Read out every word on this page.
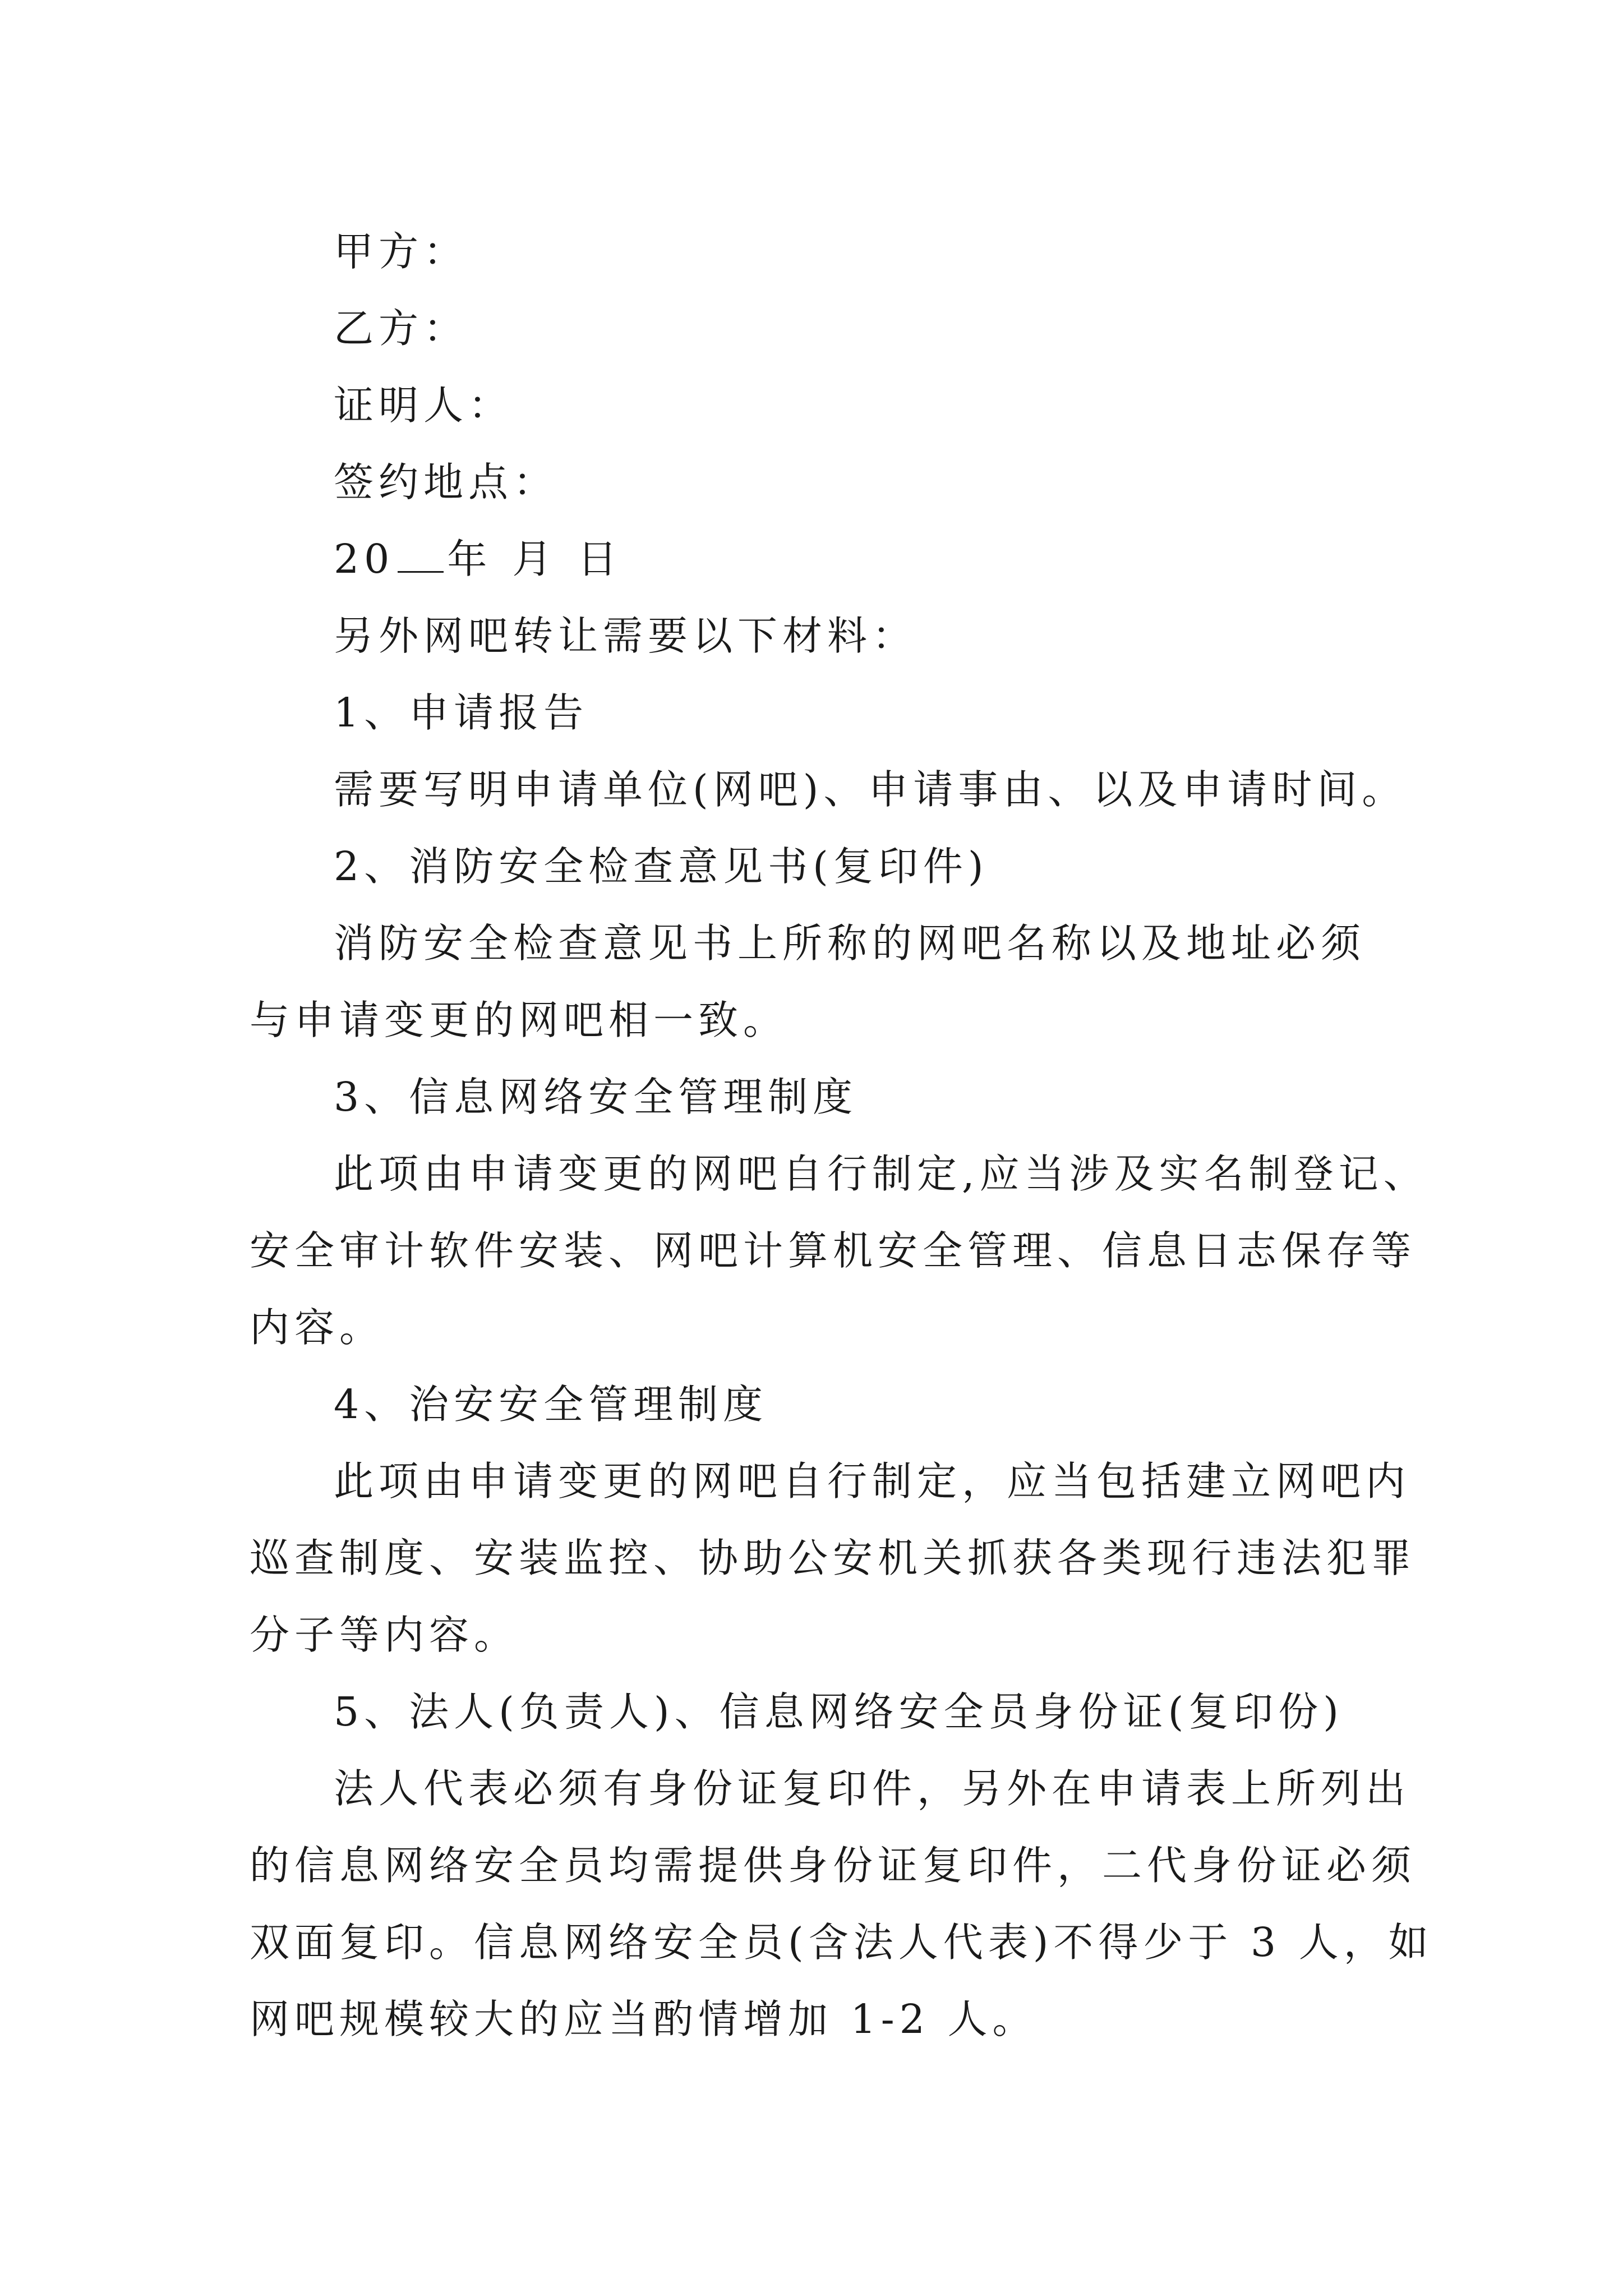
甲方：
乙方：
证明人：
签约地点：
20 年 月 日
另外网吧转让需要以下材料：
1、申请报告
需要写明申请单位(网吧)、申请事由、以及申请时间。
2、消防安全检查意见书(复印件)
消防安全检查意见书上所称的网吧名称以及地址必须
与申请变更的网吧相一致。
3、信息网络安全管理制度
此项由申请变更的网吧自行制定,应当涉及实名制登记、
安全审计软件安装、网吧计算机安全管理、信息日志保存等
内容。
4、治安安全管理制度
此项由申请变更的网吧自行制定，应当包括建立网吧内
巡查制度、安装监控、协助公安机关抓获各类现行违法犯罪
分子等内容。
5、法人(负责人)、信息网络安全员身份证(复印份)
法人代表必须有身份证复印件，另外在申请表上所列出
的信息网络安全员均需提供身份证复印件，二代身份证必须
双面复印。信息网络安全员(含法人代表)不得少于 3 人，如
网吧规模较大的应当酌情增加 1-2 人。
